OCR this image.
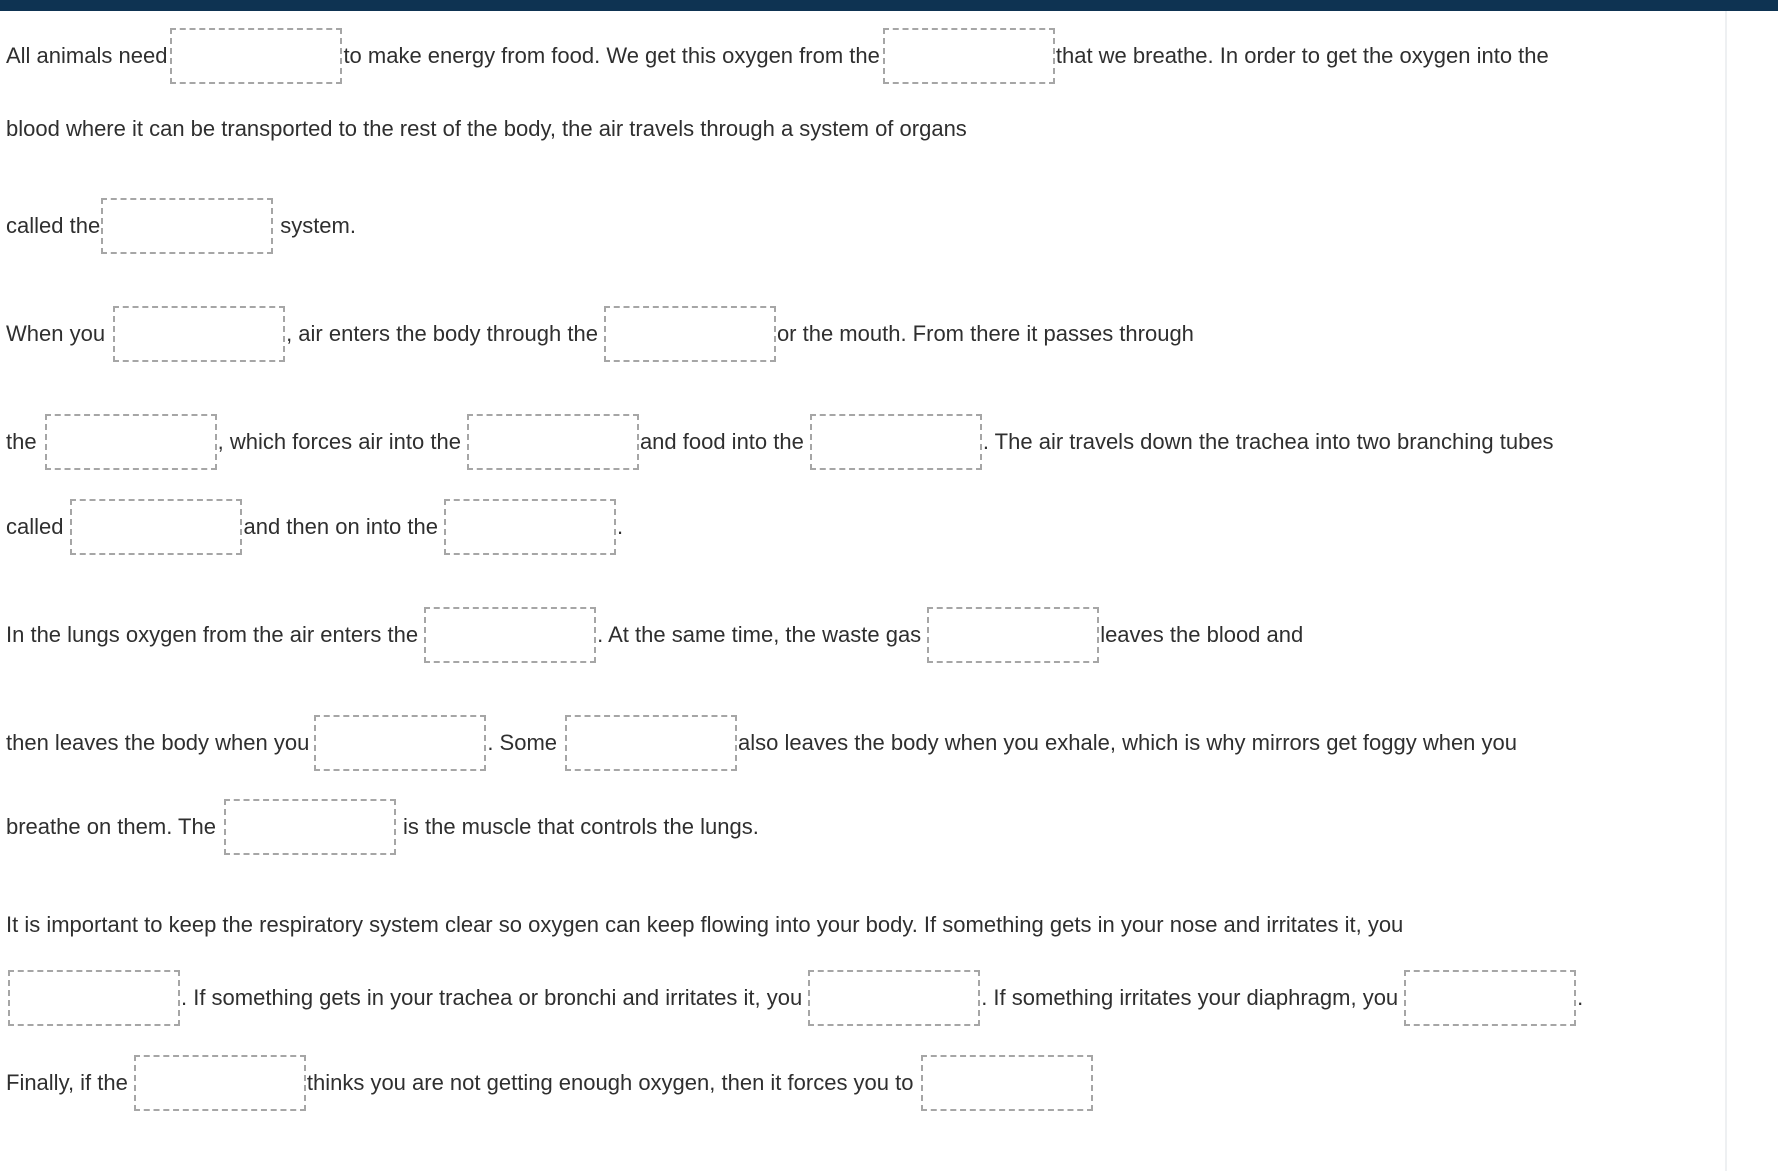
All animals need	to make energy from food. We get this oxygen from the	that we breathe. In order to get the oxygen into the
blood where it can be transported to the rest of the body, the air travels through a system of organs
called the	system.
When you	, air enters the body through the	or the mouth. From there it passes through
the	, which forces air into the	and food into the	. The air travels down the trachea into two branching tubes
called	and then on into the	.
In the lungs oxygen from the air enters the	. At the same time, the waste gas	leaves the blood and
then leaves the body when you	. Some	also leaves the body when you exhale, which is why mirrors get foggy when you
breathe on them. The	is the muscle that controls the lungs.
It is important to keep the respiratory system clear so oxygen can keep flowing into your body. If something gets in your nose and irritates it, you
. If something gets in your trachea or bronchi and irritates it, you	. If something irritates your diaphragm, you	.
Finally, if the	thinks you are not getting enough oxygen, then it forces you to
